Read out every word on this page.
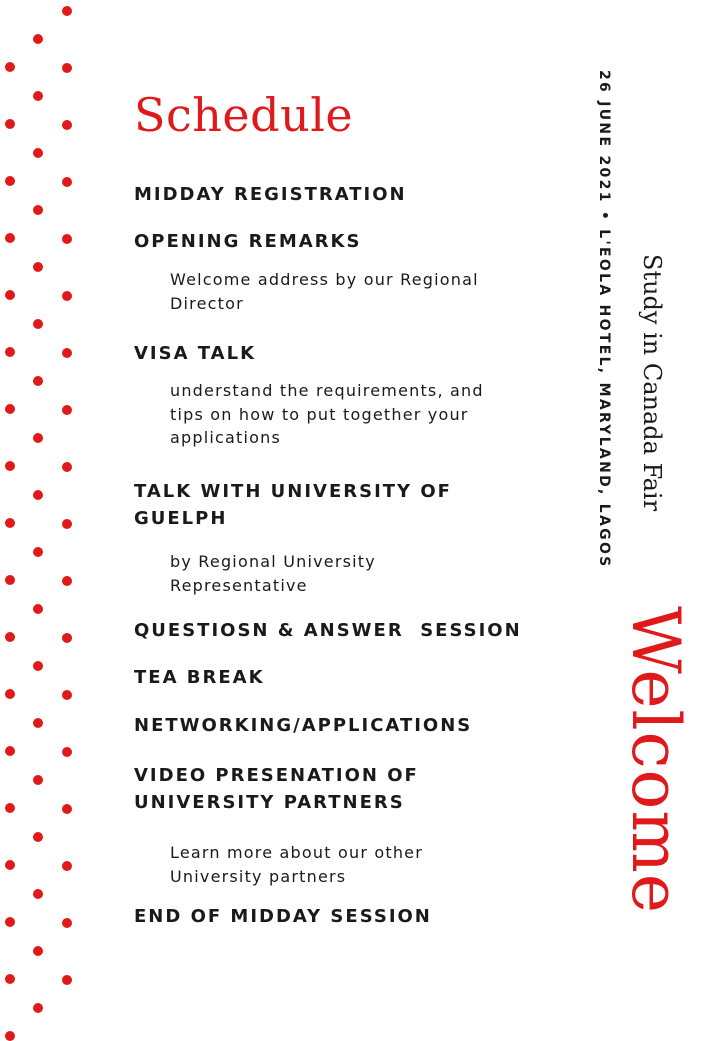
Schedule
MIDDAY REGISTRATION
OPENING REMARKS
Welcome address by our Regional Director
VISA TALK
understand the requirements, and tips on how to put together your applications
TALK WITH UNIVERSITY OF GUELPH
by Regional University Representative
QUESTIOSN & ANSWER  SESSION
TEA BREAK
NETWORKING/APPLICATIONS
VIDEO PRESENATION OF UNIVERSITY PARTNERS
Learn more about our other University partners
END OF MIDDAY SESSION
26 JUNE 2021 • L'EOLA HOTEL, MARYLAND, LAGOS Study in Canada Fair
Welcome
